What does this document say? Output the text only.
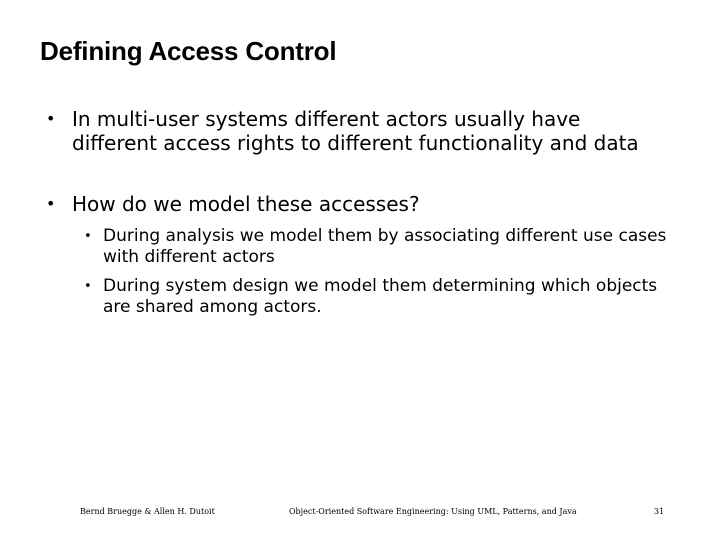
Defining Access Control
• In multi-user systems different actors usually have different access rights to different functionality and data
• How do we model these accesses?
• During analysis we model them by associating different use cases with different actors
• During system design we model them determining which objects are shared among actors.
Bernd Bruegge & Allen H. Dutoit	Object-Oriented Software Engineering: Using UML, Patterns, and Java	31
